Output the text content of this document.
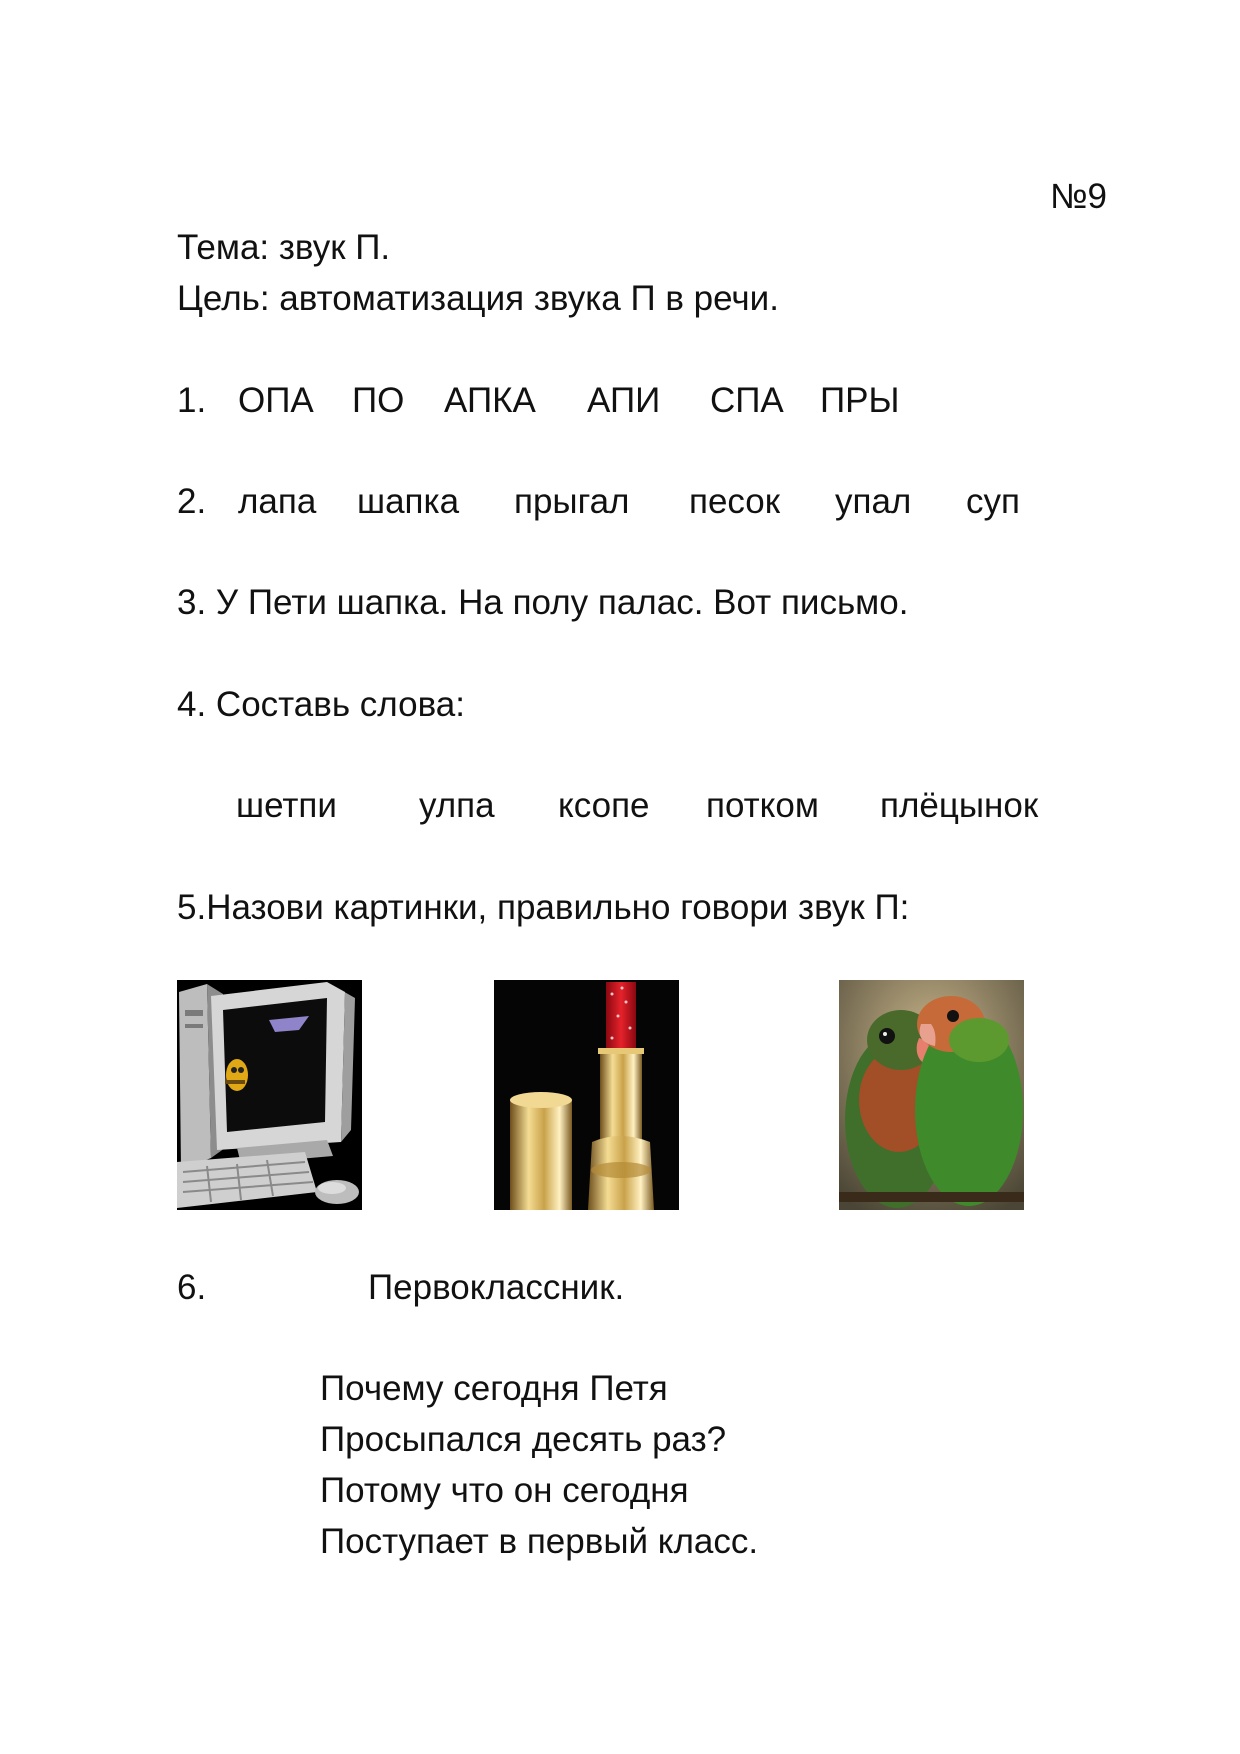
№9
Тема: звук П.
Цель: автоматизация звука П в речи.
1. ОПА ПО АПКА АПИ СПА ПРЫ
2. лапа шапка прыгал песок упал суп
3. У Пети шапка. На полу палас. Вот письмо.
4. Составь слова:
шетпи улпа ксопе потком плёцынок
5.Назови картинки, правильно говори звук П:
6.	Первоклассник.
Почему сегодня Петя
Просыпался десять раз?
Потому что он сегодня
Поступает в первый класс.
